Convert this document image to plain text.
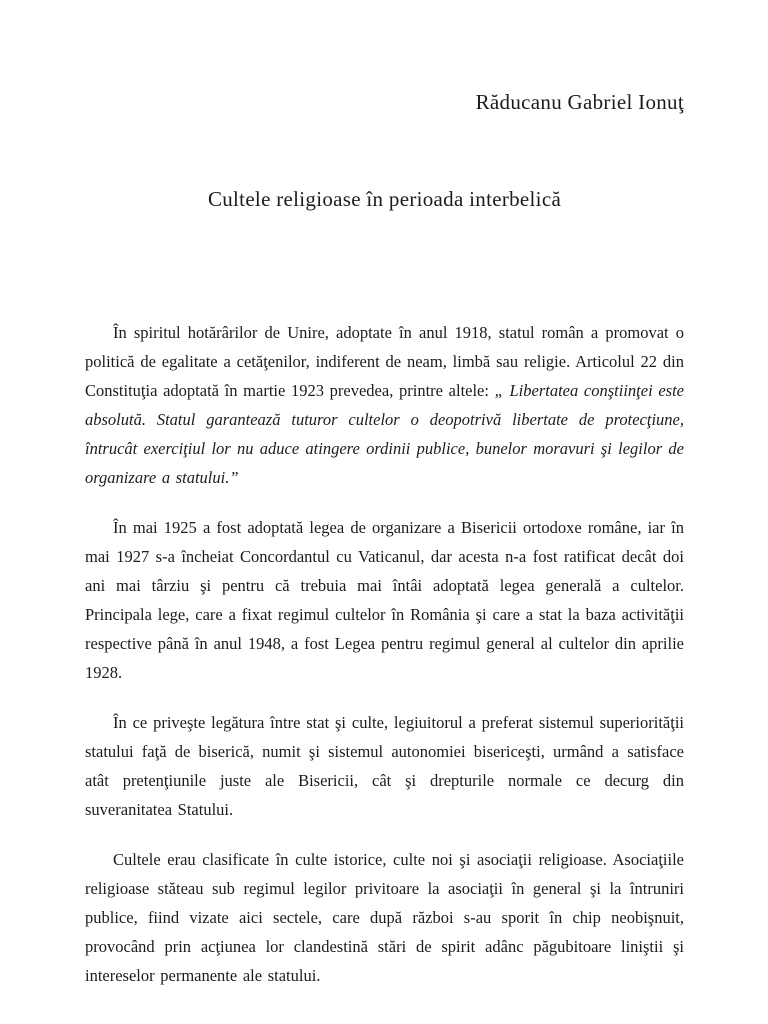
Răducanu Gabriel Ionuţ
Cultele religioase în perioada interbelică

În spiritul hotărârilor de Unire, adoptate în anul 1918, statul român a promovat o politică de egalitate a cetăţenilor, indiferent de neam, limbă sau religie. Articolul 22 din Constituţia adoptată în martie 1923 prevedea, printre altele: „ Libertatea conştiinţei este absolută. Statul garantează tuturor cultelor o deopotrivă libertate de protecţiune, întrucât exerciţiul lor nu aduce atingere ordinii publice, bunelor moravuri şi legilor de organizare a statului.”

În mai 1925 a fost adoptată legea de organizare a Bisericii ortodoxe române, iar în mai 1927 s-a încheiat Concordantul cu Vaticanul, dar acesta n-a fost ratificat decât doi ani mai târziu şi pentru că trebuia mai întâi adoptată legea generală a cultelor. Principala lege, care a fixat regimul cultelor în România şi care a stat la baza activităţii respective până în anul 1948, a fost Legea pentru regimul general al cultelor din aprilie 1928.

În ce priveşte legătura între stat şi culte, legiuitorul a preferat sistemul superiorităţii statului faţă de biserică, numit şi sistemul autonomiei bisericeşti, urmând a satisface atât pretenţiunile juste ale Bisericii, cât şi drepturile normale ce decurg din suveranitatea Statului.

Cultele erau clasificate în culte istorice, culte noi şi asociaţii religioase. Asociaţiile religioase stăteau sub regimul legilor privitoare la asociaţii în general şi la întruniri publice, fiind vizate aici sectele, care după război s-au sporit în chip neobişnuit, provocând prin acţiunea lor clandestină stări de spirit adânc păgubitoare liniştii şi intereselor permanente ale statului.
